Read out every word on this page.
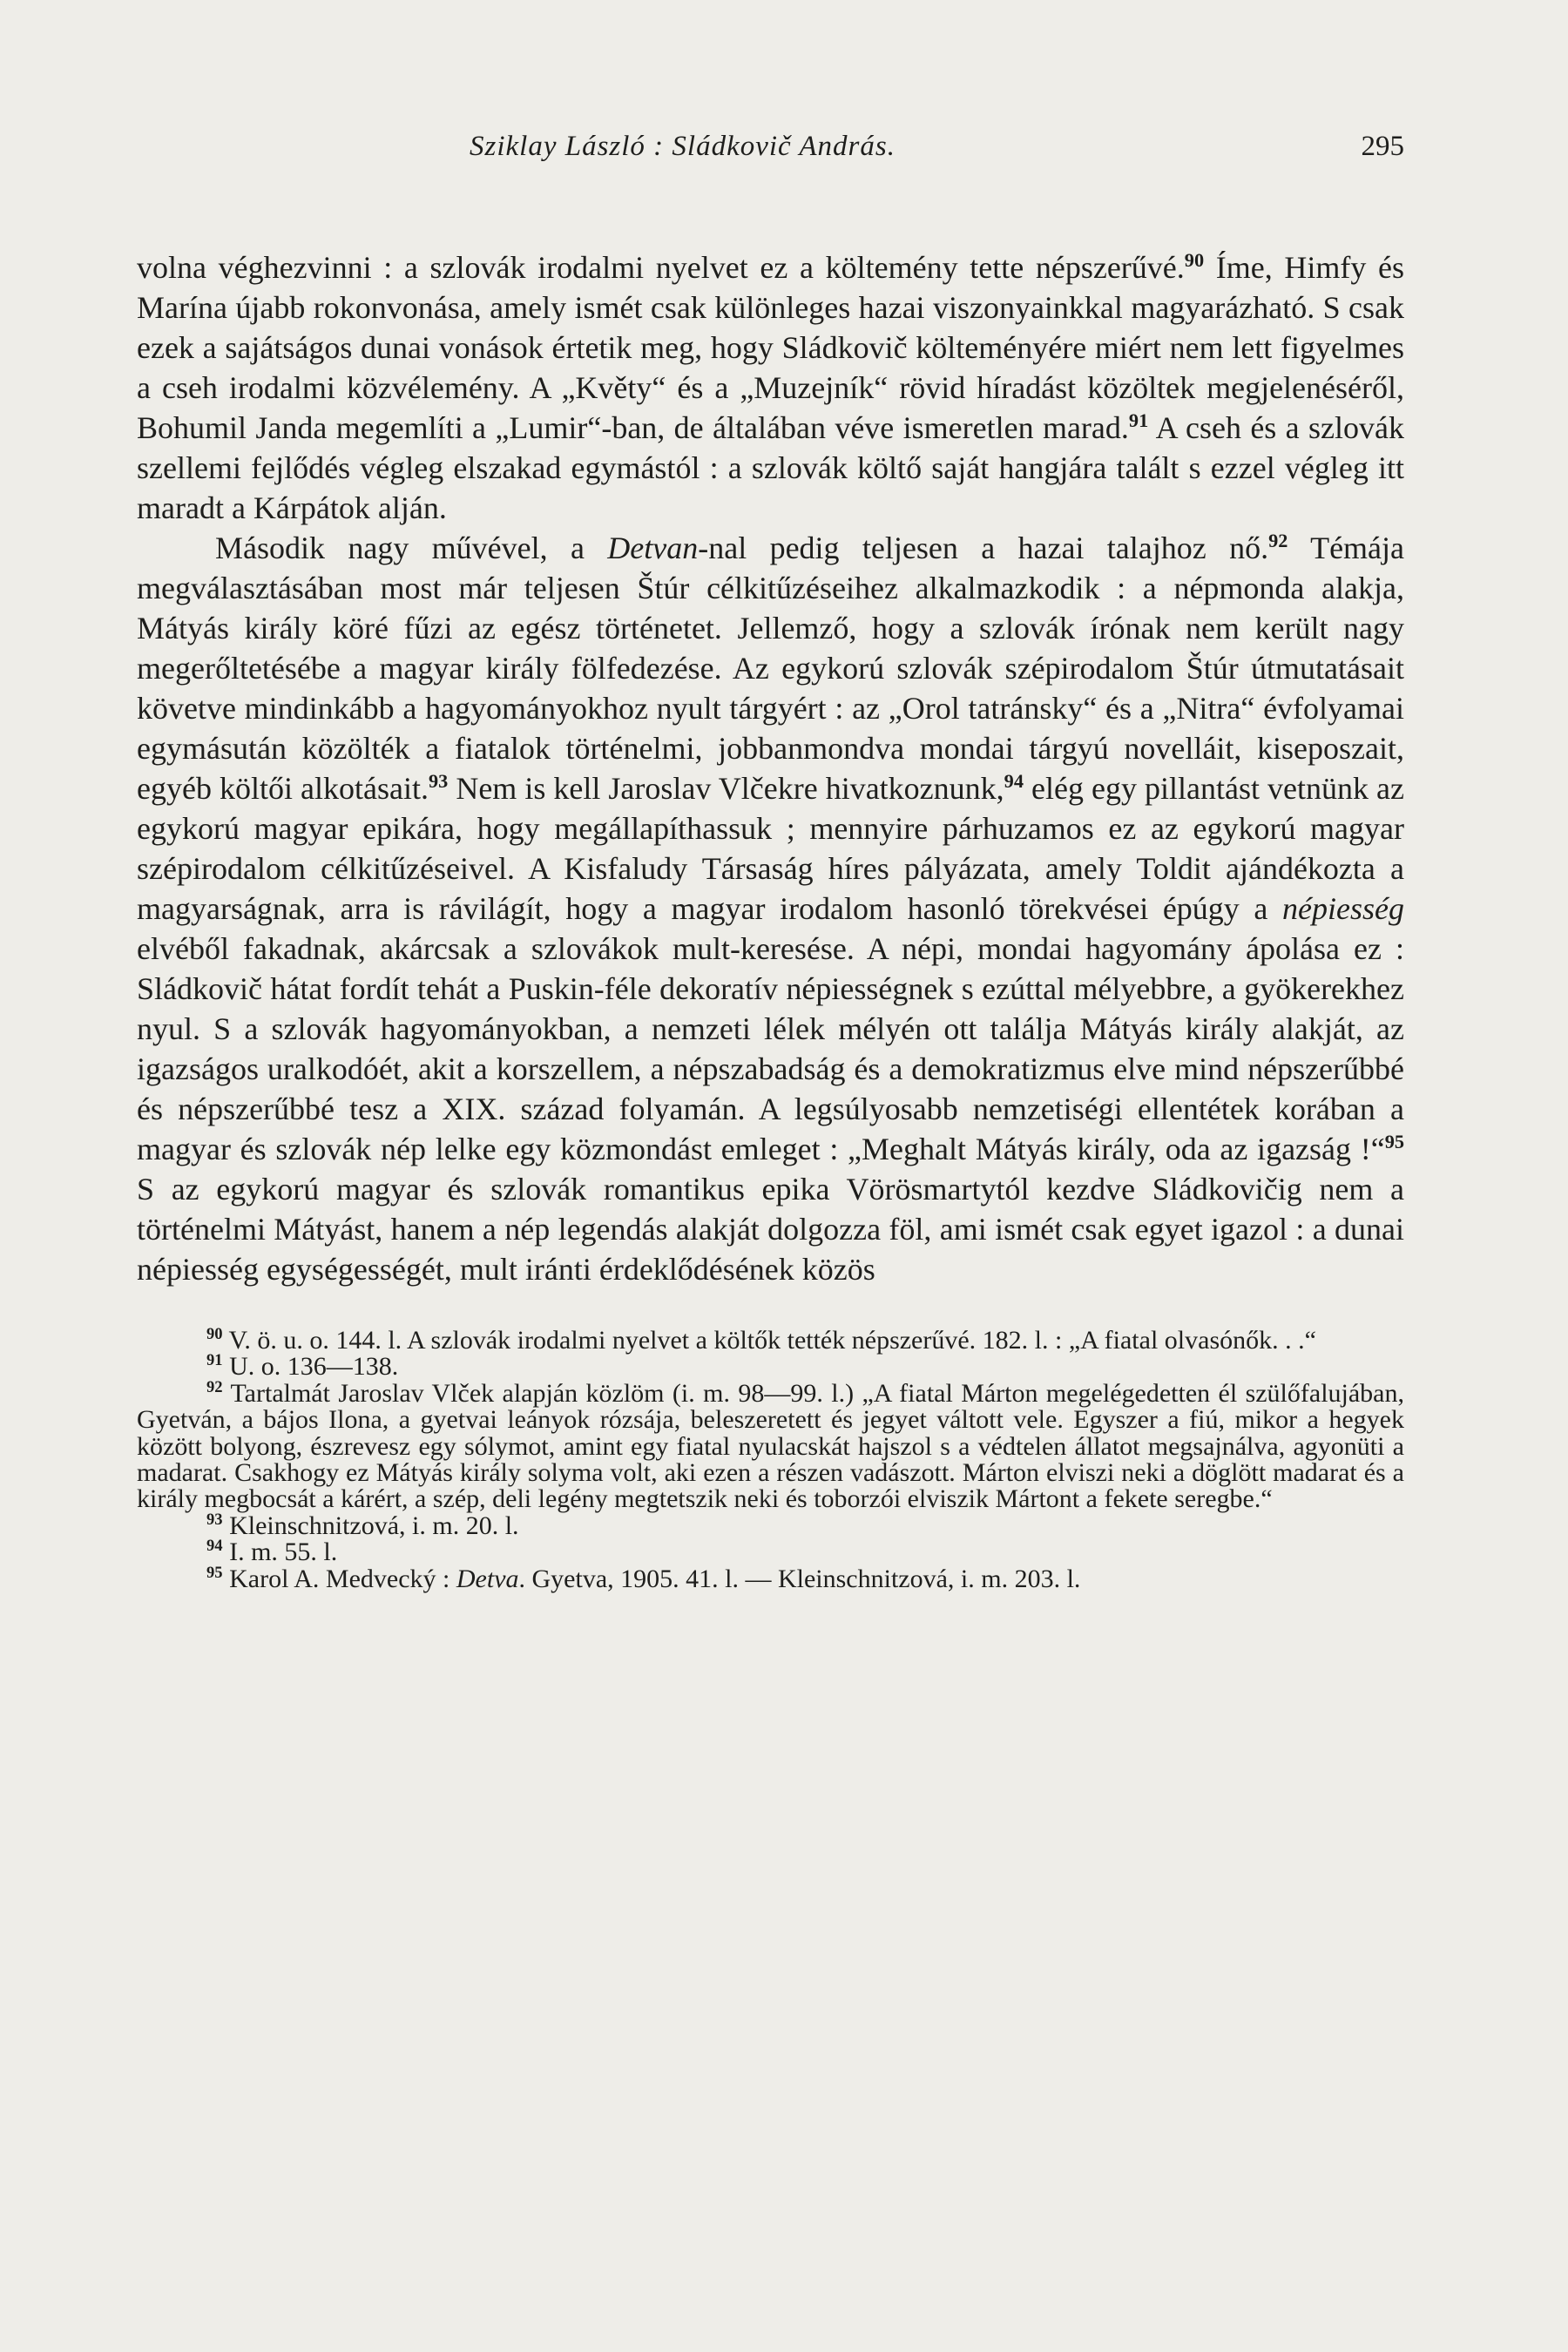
Sziklay László : Sládkovič András.	295

volna véghezvinni : a szlovák irodalmi nyelvet ez a költemény tette népszerűvé.$^{90}$ Íme, Himfy és Marína újabb rokonvonása, amely ismét csak különleges hazai viszonyainkkal magyarázható. S csak ezek a sajátságos dunai vonások értetik meg, hogy Sládkovič költeményére miért nem lett figyelmes a cseh irodalmi közvélemény. A „Květy“ és a „Muzejník“ rövid híradást közöltek megjelenéséről, Bohumil Janda megemlíti a „Lumir“-ban, de általában véve ismeretlen marad.$^{91}$ A cseh és a szlovák szellemi fejlődés végleg elszakad egymástól : a szlovák költő saját hangjára talált s ezzel végleg itt maradt a Kárpátok alján.

Második nagy művével, a Detvan-nal pedig teljesen a hazai talajhoz nő.$^{92}$ Témája megválasztásában most már teljesen Štúr célkitűzéseihez alkalmazkodik : a népmonda alakja, Mátyás király köré fűzi az egész történetet. Jellemző, hogy a szlovák írónak nem került nagy megerőltetésébe a magyar király fölfedezése. Az egykorú szlovák szépirodalom Štúr útmutatásait követve mindinkább a hagyományokhoz nyult tárgyért : az „Orol tatránsky“ és a „Nitra“ évfolyamai egymásután közölték a fiatalok történelmi, jobbanmondva mondai tárgyú novelláit, kiseposzait, egyéb költői alkotásait.$^{93}$ Nem is kell Jaroslav Vlčekre hivatkoznunk,$^{94}$ elég egy pillantást vetnünk az egykorú magyar epikára, hogy megállapíthassuk ; mennyire párhuzamos ez az egykorú magyar szépirodalom célkitűzéseivel. A Kisfaludy Társaság híres pályázata, amely Toldit ajándékozta a magyarságnak, arra is rávilágít, hogy a magyar irodalom hasonló törekvései épúgy a népiesség elvéből fakadnak, akárcsak a szlovákok mult-keresése. A népi, mondai hagyomány ápolása ez : Sládkovič hátat fordít tehát a Puskin-féle dekoratív népiességnek s ezúttal mélyebbre, a gyökerekhez nyul. S a szlovák hagyományokban, a nemzeti lélek mélyén ott találja Mátyás király alakját, az igazságos uralkodóét, akit a korszellem, a népszabadság és a demokratizmus elve mind népszerűbbé és népszerűbbé tesz a XIX. század folyamán. A legsúlyosabb nemzetiségi ellentétek korában a magyar és szlovák nép lelke egy közmondást emleget : „Meghalt Mátyás király, oda az igazság !“$^{95}$ S az egykorú magyar és szlovák romantikus epika Vörösmartytól kezdve Sládkovičig nem a történelmi Mátyást, hanem a nép legendás alakját dolgozza föl, ami ismét csak egyet igazol : a dunai népiesség egységességét, mult iránti érdeklődésének közös

$^{90}$ V. ö. u. o. 144. l. A szlovák irodalmi nyelvet a költők tették népszerűvé. 182. l. : „A fiatal olvasónők. . .“

$^{91}$ U. o. 136—138.

$^{92}$ Tartalmát Jaroslav Vlček alapján közlöm (i. m. 98—99. l.) „A fiatal Márton megelégedetten él szülőfalujában, Gyetván, a bájos Ilona, a gyetvai leányok rózsája, beleszeretett és jegyet váltott vele. Egyszer a fiú, mikor a hegyek között bolyong, észrevesz egy sólymot, amint egy fiatal nyulacskát hajszol s a védtelen állatot megsajnálva, agyonüti a madarat. Csakhogy ez Mátyás király solyma volt, aki ezen a részen vadászott. Márton elviszi neki a döglött madarat és a király megbocsát a kárért, a szép, deli legény megtetszik neki és toborzói elviszik Mártont a fekete seregbe.“

$^{93}$ Kleinschnitzová, i. m. 20. l.

$^{94}$ I. m. 55. l.

$^{95}$ Karol A. Medvecký : Detva. Gyetva, 1905. 41. l. — Kleinschnitzová, i. m. 203. l.
